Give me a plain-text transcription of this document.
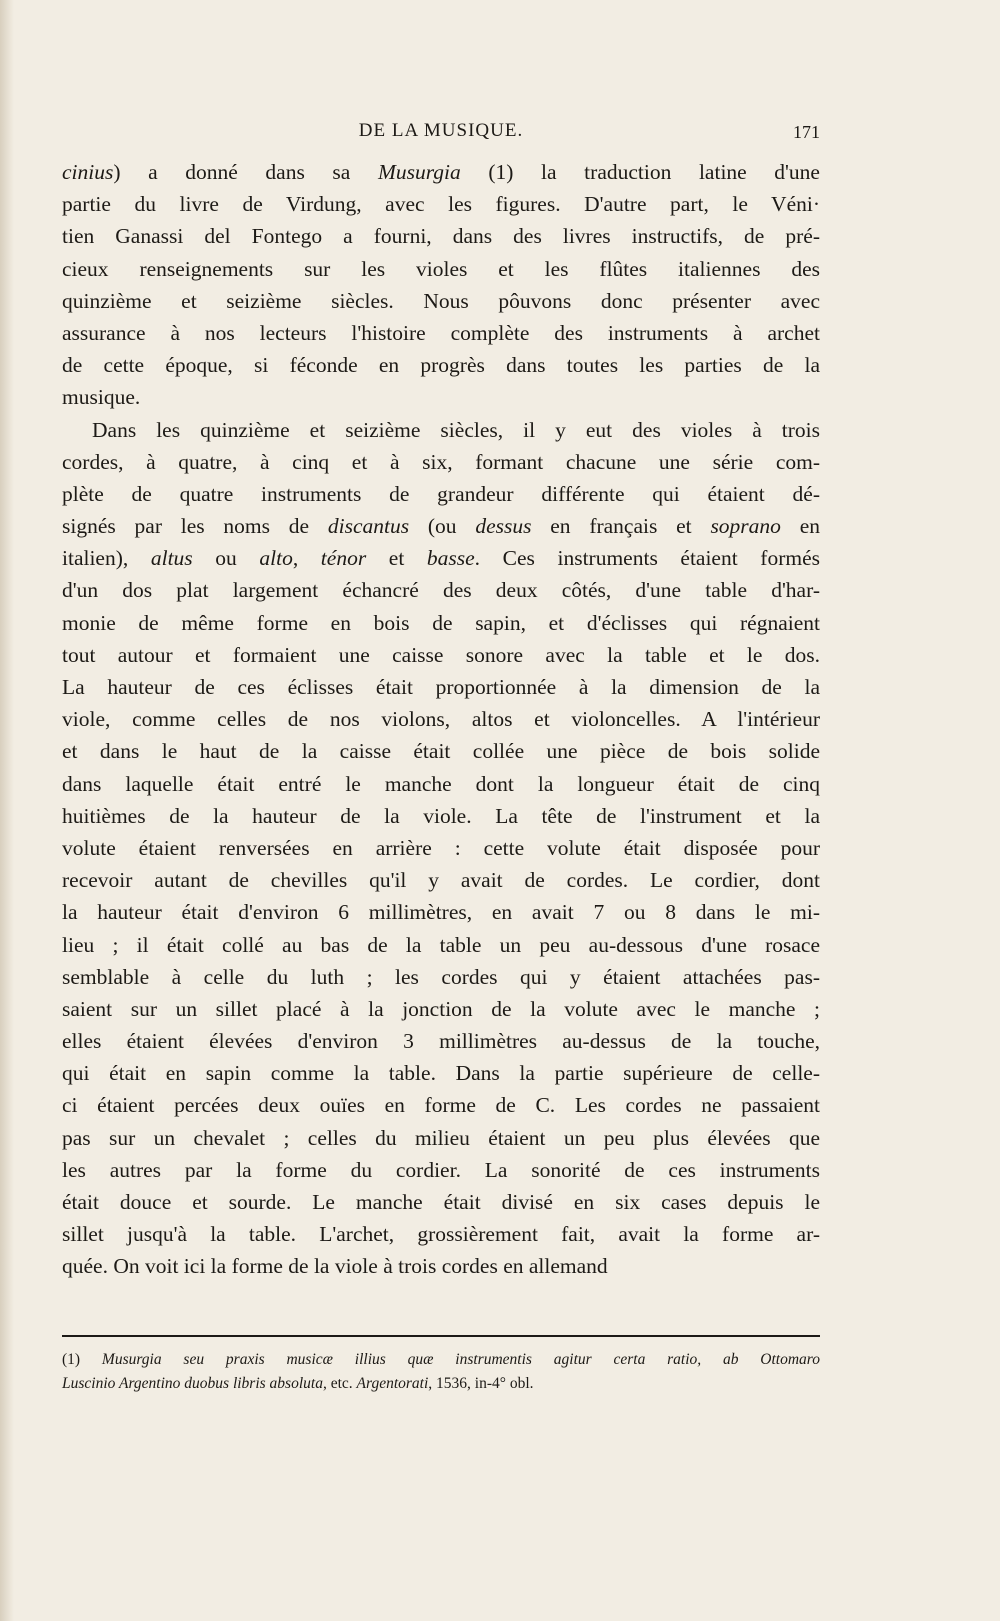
DE LA MUSIQUE.	171
cinius) a donné dans sa Musurgia (1) la traduction latine d'une
partie du livre de Virdung, avec les figures. D'autre part, le Véni·
tien Ganassi del Fontego a fourni, dans des livres instructifs, de pré-
cieux renseignements sur les violes et les flûtes italiennes des
quinzième et seizième siècles. Nous pôuvons donc présenter avec
assurance à nos lecteurs l'histoire complète des instruments à archet
de cette époque, si féconde en progrès dans toutes les parties de la
musique.
Dans les quinzième et seizième siècles, il y eut des violes à trois
cordes, à quatre, à cinq et à six, formant chacune une série com-
plète de quatre instruments de grandeur différente qui étaient dé-
signés par les noms de discantus (ou dessus en français et soprano en
italien), altus ou alto, ténor et basse. Ces instruments étaient formés
d'un dos plat largement échancré des deux côtés, d'une table d'har-
monie de même forme en bois de sapin, et d'éclisses qui régnaient
tout autour et formaient une caisse sonore avec la table et le dos.
La hauteur de ces éclisses était proportionnée à la dimension de la
viole, comme celles de nos violons, altos et violoncelles. A l'intérieur
et dans le haut de la caisse était collée une pièce de bois solide
dans laquelle était entré le manche dont la longueur était de cinq
huitièmes de la hauteur de la viole. La tête de l'instrument et la
volute étaient renversées en arrière : cette volute était disposée pour
recevoir autant de chevilles qu'il y avait de cordes. Le cordier, dont
la hauteur était d'environ 6 millimètres, en avait 7 ou 8 dans le mi-
lieu ; il était collé au bas de la table un peu au-dessous d'une rosace
semblable à celle du luth ; les cordes qui y étaient attachées pas-
saient sur un sillet placé à la jonction de la volute avec le manche ;
elles étaient élevées d'environ 3 millimètres au-dessus de la touche,
qui était en sapin comme la table. Dans la partie supérieure de celle-
ci étaient percées deux ouïes en forme de C. Les cordes ne passaient
pas sur un chevalet ; celles du milieu étaient un peu plus élevées que
les autres par la forme du cordier. La sonorité de ces instruments
était douce et sourde. Le manche était divisé en six cases depuis le
sillet jusqu'à la table. L'archet, grossièrement fait, avait la forme ar-
quée. On voit ici la forme de la viole à trois cordes en allemand
(1) Musurgia seu praxis musicæ illius quæ instrumentis agitur certa ratio, ab Ottomaro
Luscinio Argentino duobus libris absoluta, etc. Argentorati, 1536, in-4° obl.
